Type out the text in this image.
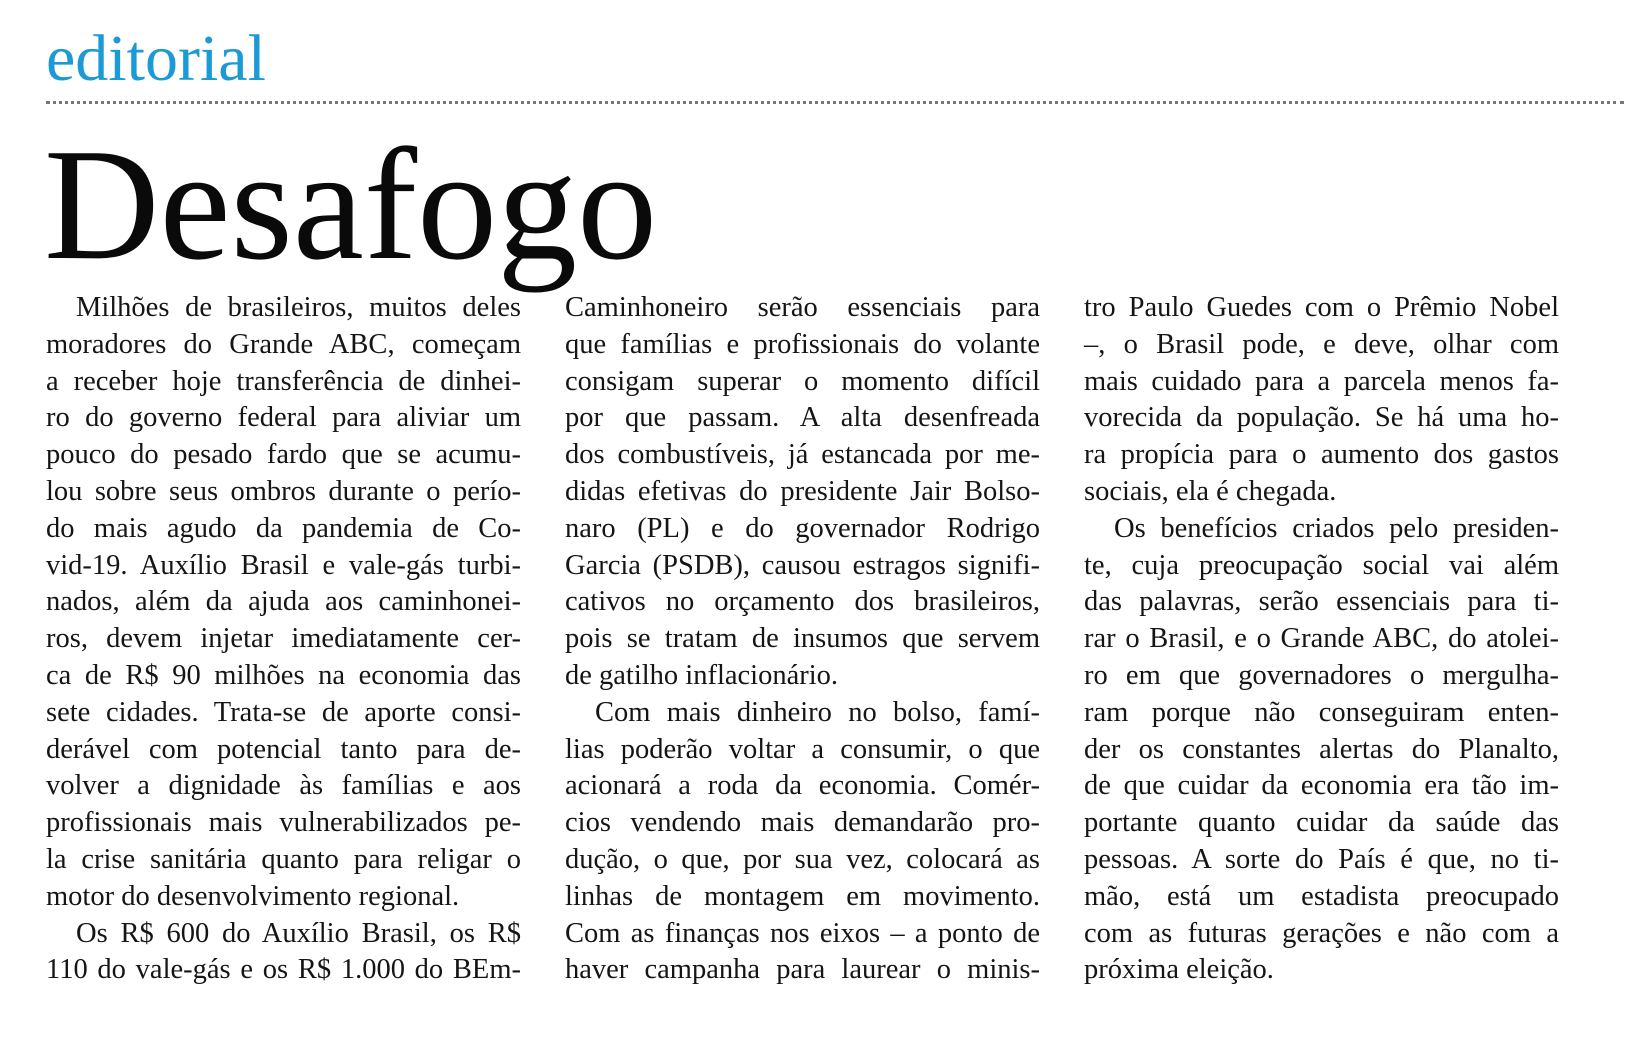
editorial
Desafogo
Milhões de brasileiros, muitos deles
moradores do Grande ABC, começam
a receber hoje transferência de dinhei-
ro do governo federal para aliviar um
pouco do pesado fardo que se acumu-
lou sobre seus ombros durante o perío-
do mais agudo da pandemia de Co-
vid-19. Auxílio Brasil e vale-gás turbi-
nados, além da ajuda aos caminhonei-
ros, devem injetar imediatamente cer-
ca de R$ 90 milhões na economia das
sete cidades. Trata-se de aporte consi-
derável com potencial tanto para de-
volver a dignidade às famílias e aos
profissionais mais vulnerabilizados pe-
la crise sanitária quanto para religar o
motor do desenvolvimento regional.
Os R$ 600 do Auxílio Brasil, os R$
110 do vale-gás e os R$ 1.000 do BEm-
Caminhoneiro serão essenciais para
que famílias e profissionais do volante
consigam superar o momento difícil
por que passam. A alta desenfreada
dos combustíveis, já estancada por me-
didas efetivas do presidente Jair Bolso-
naro (PL) e do governador Rodrigo
Garcia (PSDB), causou estragos signifi-
cativos no orçamento dos brasileiros,
pois se tratam de insumos que servem
de gatilho inflacionário.
Com mais dinheiro no bolso, famí-
lias poderão voltar a consumir, o que
acionará a roda da economia. Comér-
cios vendendo mais demandarão pro-
dução, o que, por sua vez, colocará as
linhas de montagem em movimento.
Com as finanças nos eixos – a ponto de
haver campanha para laurear o minis-
tro Paulo Guedes com o Prêmio Nobel
–, o Brasil pode, e deve, olhar com
mais cuidado para a parcela menos fa-
vorecida da população. Se há uma ho-
ra propícia para o aumento dos gastos
sociais, ela é chegada.
Os benefícios criados pelo presiden-
te, cuja preocupação social vai além
das palavras, serão essenciais para ti-
rar o Brasil, e o Grande ABC, do atolei-
ro em que governadores o mergulha-
ram porque não conseguiram enten-
der os constantes alertas do Planalto,
de que cuidar da economia era tão im-
portante quanto cuidar da saúde das
pessoas. A sorte do País é que, no ti-
mão, está um estadista preocupado
com as futuras gerações e não com a
próxima eleição.
